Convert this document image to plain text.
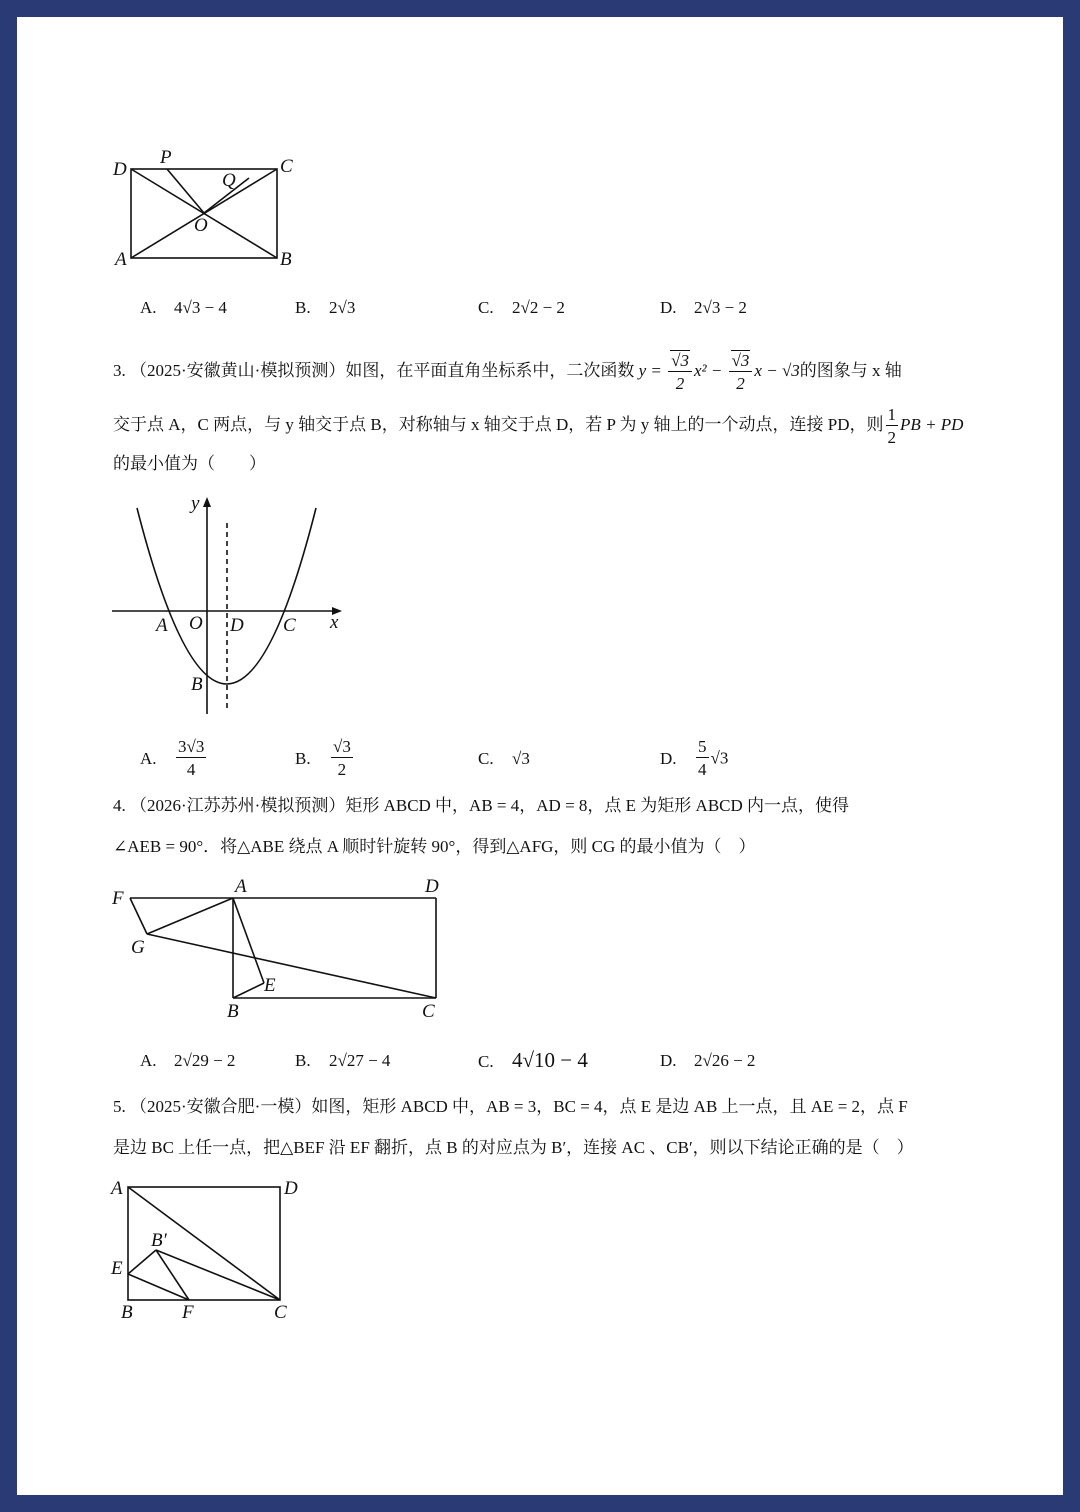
D
P	C
Q
O
A	B
A. 4√3 − 4	B. 2√3	C. 2√2 − 2	D. 2√3 − 2
3. （2025·安徽黄山·模拟预测）如图，在平面直角坐标系中，二次函数 $y = \frac{√3}{2} x^2 - \frac{√3}{2}$ x − √3的图象与 x 轴
交于点 A，C 两点，与 y 轴交于点 B，对称轴与 x 轴交于点 D，若 P 为 y 轴上的一个动点，连接 PD，则 $\frac{1}{2}$ PB + PD
的最小值为（　　）
y
x
A O D C
B
A. $\frac{3√3}{4}$	B. $\frac{√3}{2}$	C. √3	D. $\frac{5}{4} √3$
4. （2026·江苏苏州·模拟预测）矩形 ABCD 中，AB = 4，AD = 8，点 E 为矩形 ABCD 内一点，使得
∠AEB = 90°．将△ABE 绕点 A 顺时针旋转 90°，得到△AFG，则 CG 的最小值为（　）
F
A	D
G
E
B	C
A. 2√29 − 2	B. 2√27 − 4	C. 4√10 − 4	D. 2√26 − 2
5. （2025·安徽合肥·一模）如图，矩形 ABCD 中，AB = 3，BC = 4，点 E 是边 AB 上一点，且 AE = 2，点 F
是边 BC 上任一点，把△BEF 沿 EF 翻折，点 B 的对应点为 B′，连接 AC 、CB′，则以下结论正确的是（　）
A	D
B′
E
B	F	C
